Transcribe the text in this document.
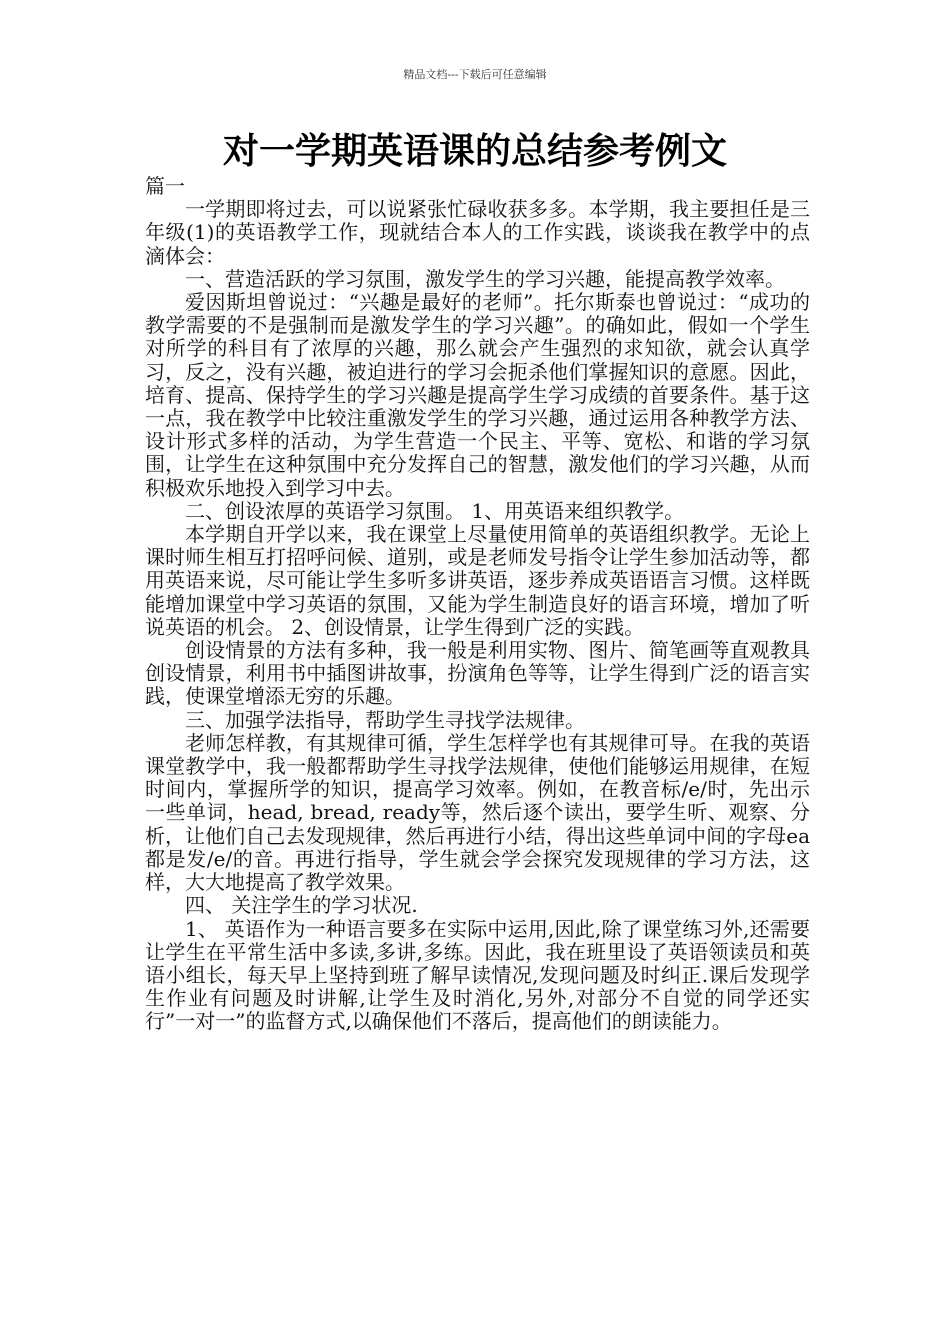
精品文档---下载后可任意编辑
对一学期英语课的总结参考例文

篇一

一学期即将过去，可以说紧张忙碌收获多多。本学期，我主要担任是三年级(1)的英语教学工作，现就结合本人的工作实践，谈谈我在教学中的点滴体会：

一、营造活跃的学习氛围，激发学生的学习兴趣，能提高教学效率。

爱因斯坦曾说过：“兴趣是最好的老师”。托尔斯泰也曾说过：“成功的教学需要的不是强制而是激发学生的学习兴趣”。的确如此，假如一个学生对所学的科目有了浓厚的兴趣，那么就会产生强烈的求知欲，就会认真学习，反之，没有兴趣，被迫进行的学习会扼杀他们掌握知识的意愿。因此，培育、提高、保持学生的学习兴趣是提高学生学习成绩的首要条件。基于这一点，我在教学中比较注重激发学生的学习兴趣，通过运用各种教学方法、设计形式多样的活动，为学生营造一个民主、平等、宽松、和谐的学习氛围，让学生在这种氛围中充分发挥自己的智慧，激发他们的学习兴趣，从而积极欢乐地投入到学习中去。

二、创设浓厚的英语学习氛围。 1、用英语来组织教学。

本学期自开学以来，我在课堂上尽量使用简单的英语组织教学。无论上课时师生相互打招呼问候、道别，或是老师发号指令让学生参加活动等，都用英语来说，尽可能让学生多听多讲英语，逐步养成英语语言习惯。这样既能增加课堂中学习英语的氛围，又能为学生制造良好的语言环境，增加了听说英语的机会。 2、创设情景，让学生得到广泛的实践。

创设情景的方法有多种，我一般是利用实物、图片、简笔画等直观教具创设情景，利用书中插图讲故事，扮演角色等等，让学生得到广泛的语言实践，使课堂增添无穷的乐趣。

三、加强学法指导，帮助学生寻找学法规律。

老师怎样教，有其规律可循，学生怎样学也有其规律可导。在我的英语课堂教学中，我一般都帮助学生寻找学法规律，使他们能够运用规律，在短时间内，掌握所学的知识，提高学习效率。例如，在教音标/e/时，先出示一些单词，head, bread, ready等，然后逐个读出，要学生听、观察、分析，让他们自己去发现规律，然后再进行小结，得出这些单词中间的字母ea都是发/e/的音。再进行指导，学生就会学会探究发现规律的学习方法，这样，大大地提高了教学效果。

四、 关注学生的学习状况.

1、 英语作为一种语言要多在实际中运用,因此,除了课堂练习外,还需要让学生在平常生活中多读,多讲,多练。因此，我在班里设了英语领读员和英语小组长，每天早上坚持到班了解早读情况,发现问题及时纠正.课后发现学生作业有问题及时讲解,让学生及时消化,另外,对部分不自觉的同学还实行”一对一”的监督方式,以确保他们不落后，提高他们的朗读能力。
